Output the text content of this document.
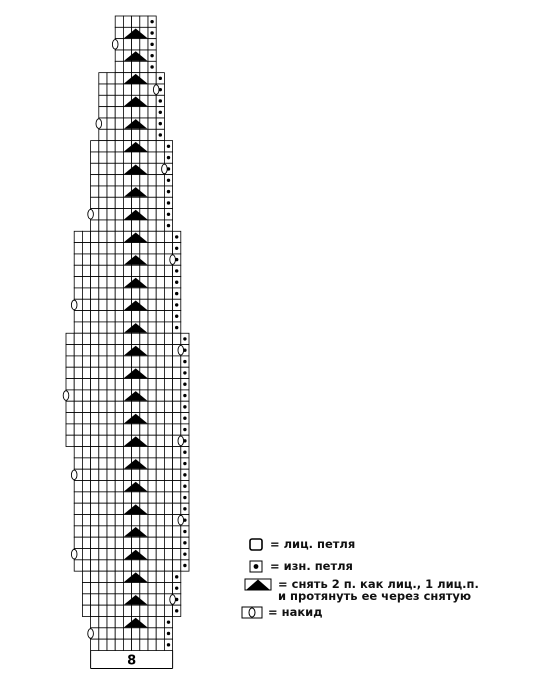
8
= лиц. петля
= изн. петля
= снять 2 п. как лиц., 1 лиц.п.
и протянуть ее через снятую
= накид
